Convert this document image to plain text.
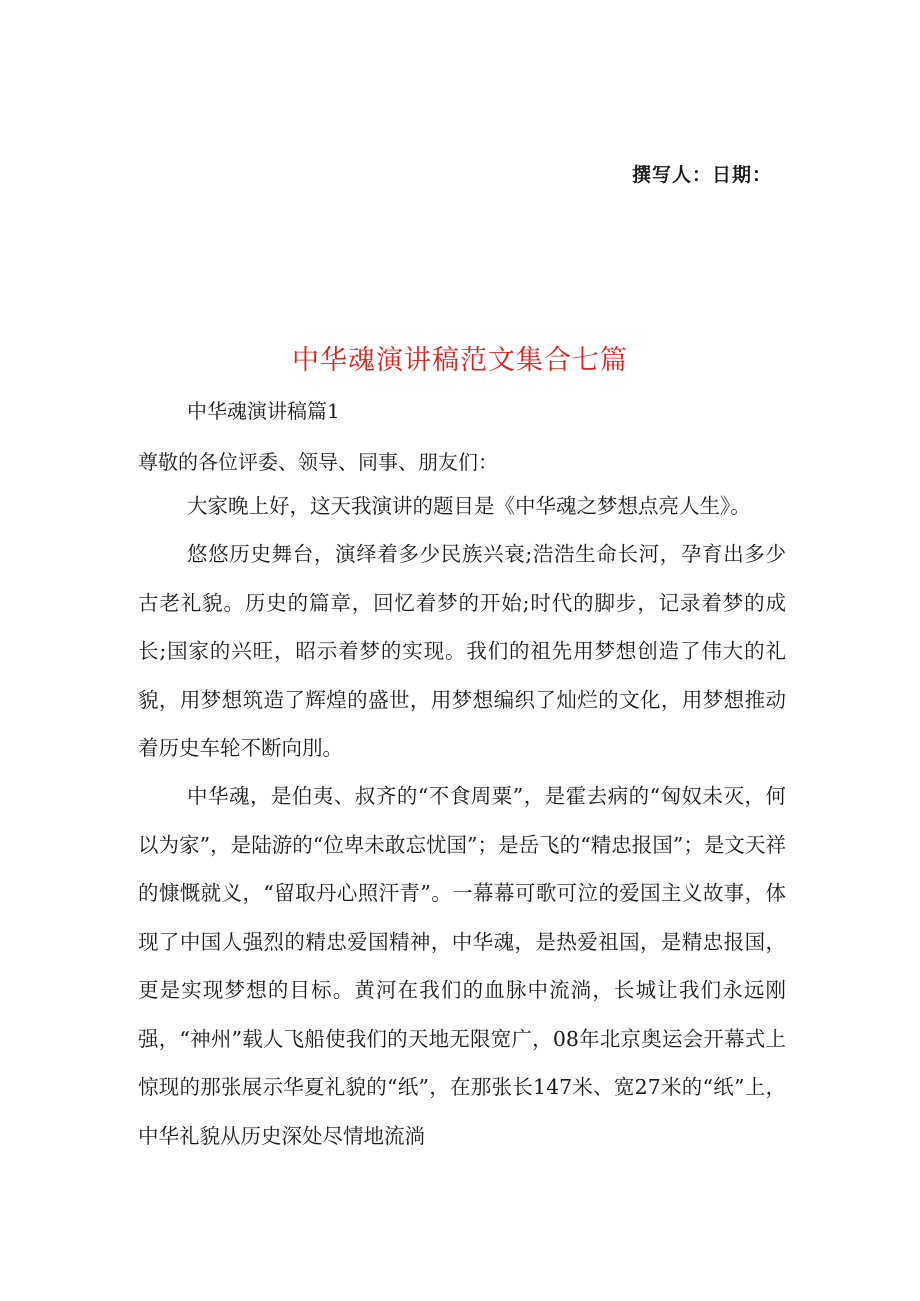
撰写人：日期：
中华魂演讲稿范文集合七篇
中华魂演讲稿篇1
尊敬的各位评委、领导、同事、朋友们：

大家晚上好，这天我演讲的题目是《中华魂之梦想点亮人生》。

悠悠历史舞台，演绎着多少民族兴衰;浩浩生命长河，孕育出多少古老礼貌。历史的篇章，回忆着梦的开始;时代的脚步，记录着梦的成长;国家的兴旺，昭示着梦的实现。我们的祖先用梦想创造了伟大的礼貌，用梦想筑造了辉煌的盛世，用梦想编织了灿烂的文化，用梦想推动着历史车轮不断向刖。

中华魂，是伯夷、叔齐的“不食周粟”，是霍去病的“匈奴未灭，何以为家”，是陆游的“位卑未敢忘忧国”；是岳飞的“精忠报国”；是文天祥的慷慨就义，“留取丹心照汗青”。一幕幕可歌可泣的爱国主义故事，体现了中国人强烈的精忠爱国精神，中华魂，是热爱祖国，是精忠报国，更是实现梦想的目标。黄河在我们的血脉中流淌，长城让我们永远刚强，“神州”载人飞船使我们的天地无限宽广，08年北京奥运会开幕式上惊现的那张展示华夏礼貌的“纸”，在那张长147米、宽27米的“纸”上，中华礼貌从历史深处尽情地流淌
